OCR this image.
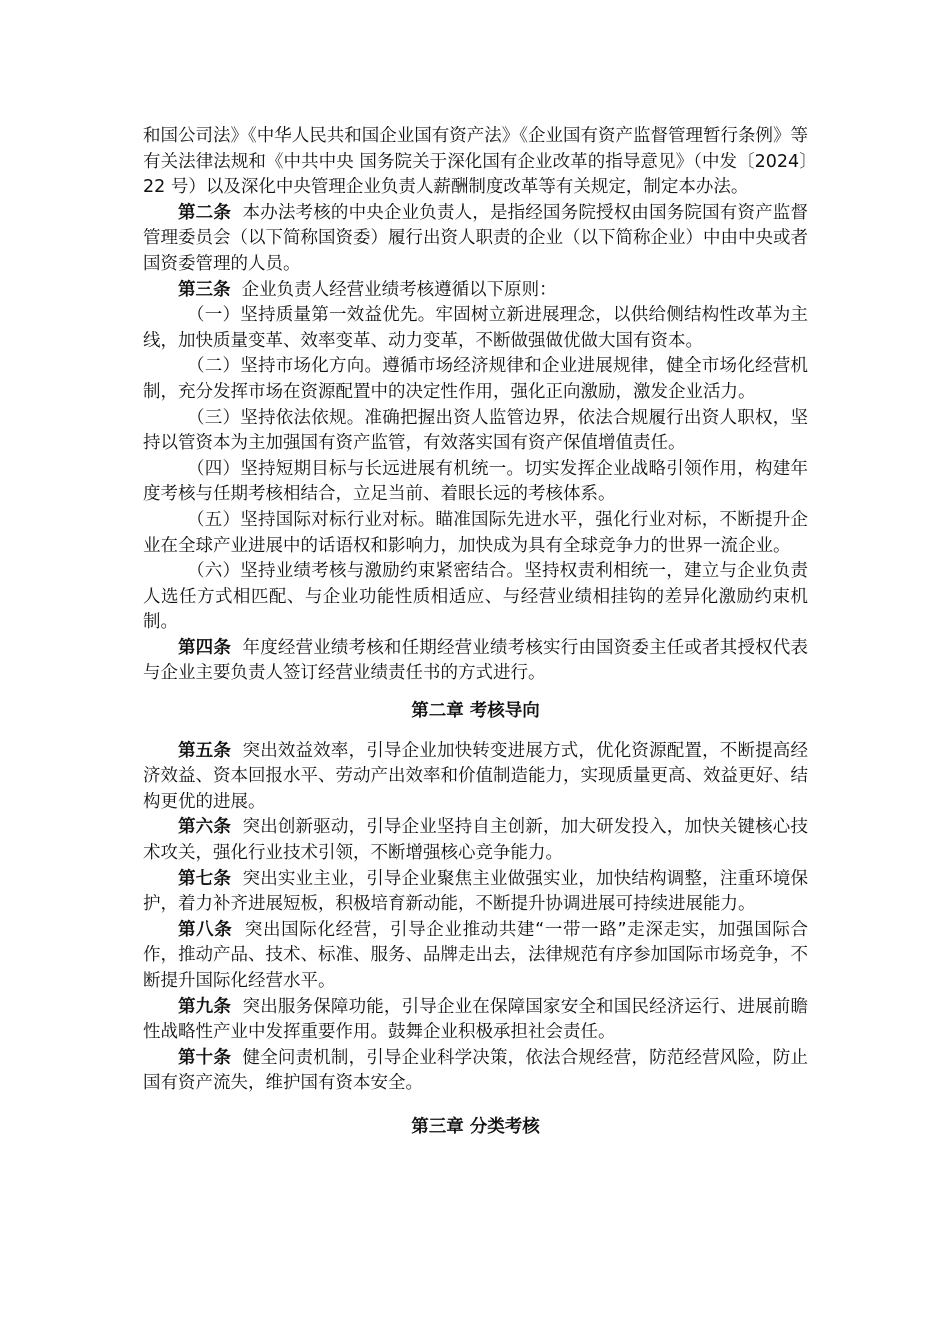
和国公司法》《中华人民共和国企业国有资产法》《企业国有资产监督管理暂行条例》等有关法律法规和《中共中央 国务院关于深化国有企业改革的指导意见》（中发〔2024〕22 号）以及深化中央管理企业负责人薪酬制度改革等有关规定，制定本办法。

第二条 本办法考核的中央企业负责人，是指经国务院授权由国务院国有资产监督管理委员会（以下简称国资委）履行出资人职责的企业（以下简称企业）中由中央或者国资委管理的人员。

第三条 企业负责人经营业绩考核遵循以下原则：

（一）坚持质量第一效益优先。牢固树立新进展理念，以供给侧结构性改革为主线，加快质量变革、效率变革、动力变革，不断做强做优做大国有资本。

（二）坚持市场化方向。遵循市场经济规律和企业进展规律，健全市场化经营机制，充分发挥市场在资源配置中的决定性作用，强化正向激励，激发企业活力。

（三）坚持依法依规。准确把握出资人监管边界，依法合规履行出资人职权，坚持以管资本为主加强国有资产监管，有效落实国有资产保值增值责任。

（四）坚持短期目标与长远进展有机统一。切实发挥企业战略引领作用，构建年度考核与任期考核相结合，立足当前、着眼长远的考核体系。

（五）坚持国际对标行业对标。瞄准国际先进水平，强化行业对标，不断提升企业在全球产业进展中的话语权和影响力，加快成为具有全球竞争力的世界一流企业。

（六）坚持业绩考核与激励约束紧密结合。坚持权责利相统一，建立与企业负责人选任方式相匹配、与企业功能性质相适应、与经营业绩相挂钩的差异化激励约束机制。

第四条 年度经营业绩考核和任期经营业绩考核实行由国资委主任或者其授权代表与企业主要负责人签订经营业绩责任书的方式进行。

第二章 考核导向

第五条 突出效益效率，引导企业加快转变进展方式，优化资源配置，不断提高经济效益、资本回报水平、劳动产出效率和价值制造能力，实现质量更高、效益更好、结构更优的进展。

第六条 突出创新驱动，引导企业坚持自主创新，加大研发投入，加快关键核心技术攻关，强化行业技术引领，不断增强核心竞争能力。

第七条 突出实业主业，引导企业聚焦主业做强实业，加快结构调整，注重环境保护，着力补齐进展短板，积极培育新动能，不断提升协调进展可持续进展能力。

第八条 突出国际化经营，引导企业推动共建“一带一路”走深走实，加强国际合作，推动产品、技术、标准、服务、品牌走出去，法律规范有序参加国际市场竞争，不断提升国际化经营水平。

第九条 突出服务保障功能，引导企业在保障国家安全和国民经济运行、进展前瞻性战略性产业中发挥重要作用。鼓舞企业积极承担社会责任。

第十条 健全问责机制，引导企业科学决策，依法合规经营，防范经营风险，防止国有资产流失，维护国有资本安全。

第三章 分类考核
